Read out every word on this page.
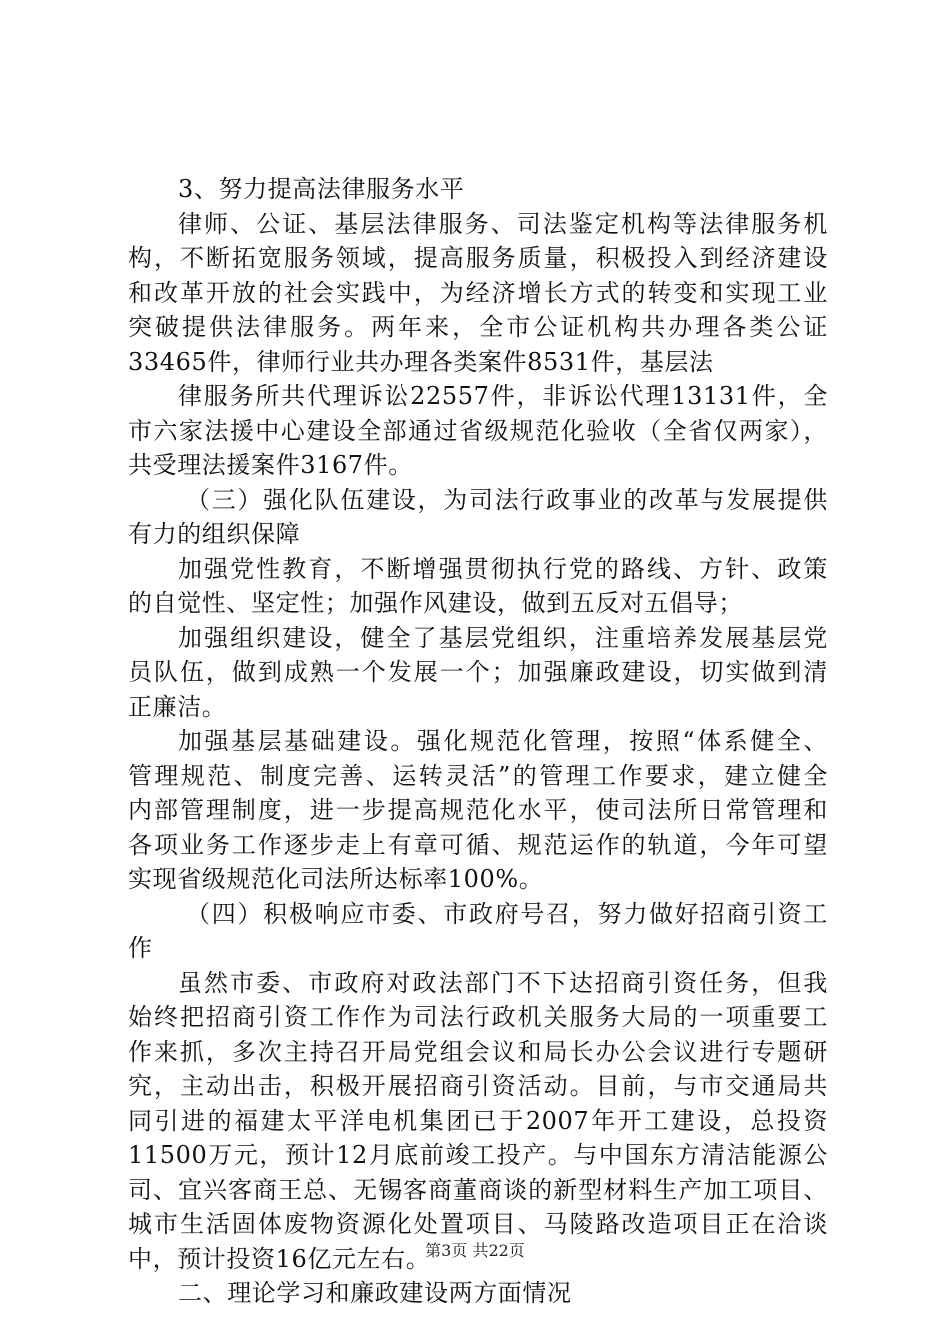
3、努力提高法律服务水平
律师、公证、基层法律服务、司法鉴定机构等法律服务机
构，不断拓宽服务领域，提高服务质量，积极投入到经济建设
和改革开放的社会实践中，为经济增长方式的转变和实现工业
突破提供法律服务。两年来，全市公证机构共办理各类公证
33465件，律师行业共办理各类案件8531件，基层法
律服务所共代理诉讼22557件，非诉讼代理13131件，全
市六家法援中心建设全部通过省级规范化验收（全省仅两家），
共受理法援案件3167件。
（三）强化队伍建设，为司法行政事业的改革与发展提供
有力的组织保障
加强党性教育，不断增强贯彻执行党的路线、方针、政策
的自觉性、坚定性；加强作风建设，做到五反对五倡导；
加强组织建设，健全了基层党组织，注重培养发展基层党
员队伍，做到成熟一个发展一个；加强廉政建设，切实做到清
正廉洁。
加强基层基础建设。强化规范化管理，按照“体系健全、
管理规范、制度完善、运转灵活”的管理工作要求，建立健全
内部管理制度，进一步提高规范化水平，使司法所日常管理和
各项业务工作逐步走上有章可循、规范运作的轨道，今年可望
实现省级规范化司法所达标率100%。
（四）积极响应市委、市政府号召，努力做好招商引资工
作
虽然市委、市政府对政法部门不下达招商引资任务，但我
始终把招商引资工作作为司法行政机关服务大局的一项重要工
作来抓，多次主持召开局党组会议和局长办公会议进行专题研
究，主动出击，积极开展招商引资活动。目前，与市交通局共
同引进的福建太平洋电机集团已于2007年开工建设，总投资
11500万元，预计12月底前竣工投产。与中国东方清洁能源公
司、宜兴客商王总、无锡客商董商谈的新型材料生产加工项目、
城市生活固体废物资源化处置项目、马陵路改造项目正在洽谈
中，预计投资16亿元左右。
二、理论学习和廉政建设两方面情况
第3页 共22页
